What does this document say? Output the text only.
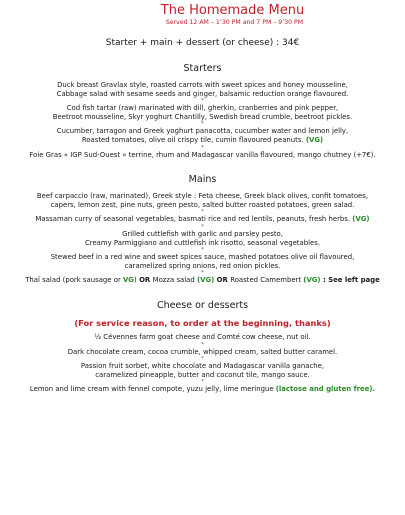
The Homemade Menu
Served 12 AM – 1’30 PM and 7 PM – 9’30 PM
Starter + main + dessert (or cheese) : 34€
Starters
Duck breast Gravlax style, roasted carrots with sweet spices and honey mousseline,
Cabbage salad with sesame seeds and ginger, balsamic reduction orange flavoured.
*
Cod fish tartar (raw) marinated with dill, gherkin, cranberries and pink pepper,
Beetroot mousseline, Skyr yoghurt Chantilly, Swedish bread crumble, beetroot pickles.
*
Cucumber, tarragon and Greek yoghurt panacotta, cucumber water and lemon jelly,
Roasted tomatoes, olive oil crispy tile, cumin flavoured peanuts. (VG)
*
Foie Gras « IGP Sud-Ouest » terrine, rhum and Madagascar vanilla flavoured, mango chutney (+7€).
Mains
Beef carpaccio (raw, marinated), Greek style : Feta cheese, Greek black olives, confit tomatoes,
capers, lemon zest, pine nuts, green pesto, salted butter roasted potatoes, green salad.
*
Massaman curry of seasonal vegetables, basmati rice and red lentils, peanuts, fresh herbs. (VG)
*
Grilled cuttlefish with garlic and parsley pesto,
Creamy Parmiggiano and cuttlefish ink risotto, seasonal vegetables.
*
Stewed beef in a red wine and sweet spices sauce, mashed potatoes olive oil flavoured,
caramelized spring onions, red onion pickles.
*
Thaï salad (pork sausage or VG) OR Mozza salad (VG) OR Roasted Camembert (VG) : See left page
Cheese or desserts
(For service reason, to order at the beginning, thanks)
½ Cévennes farm goat cheese and Comté cow cheese, nut oil.
*
Dark chocolate cream, cocoa crumble, whipped cream, salted butter caramel.
*
Passion fruit sorbet, white chocolate and Madagascar vanilla ganache,
caramelized pineapple, butter and coconut tile, mango sauce.
*
Lemon and lime cream with fennel compote, yuzu jelly, lime meringue (lactose and gluten free).
